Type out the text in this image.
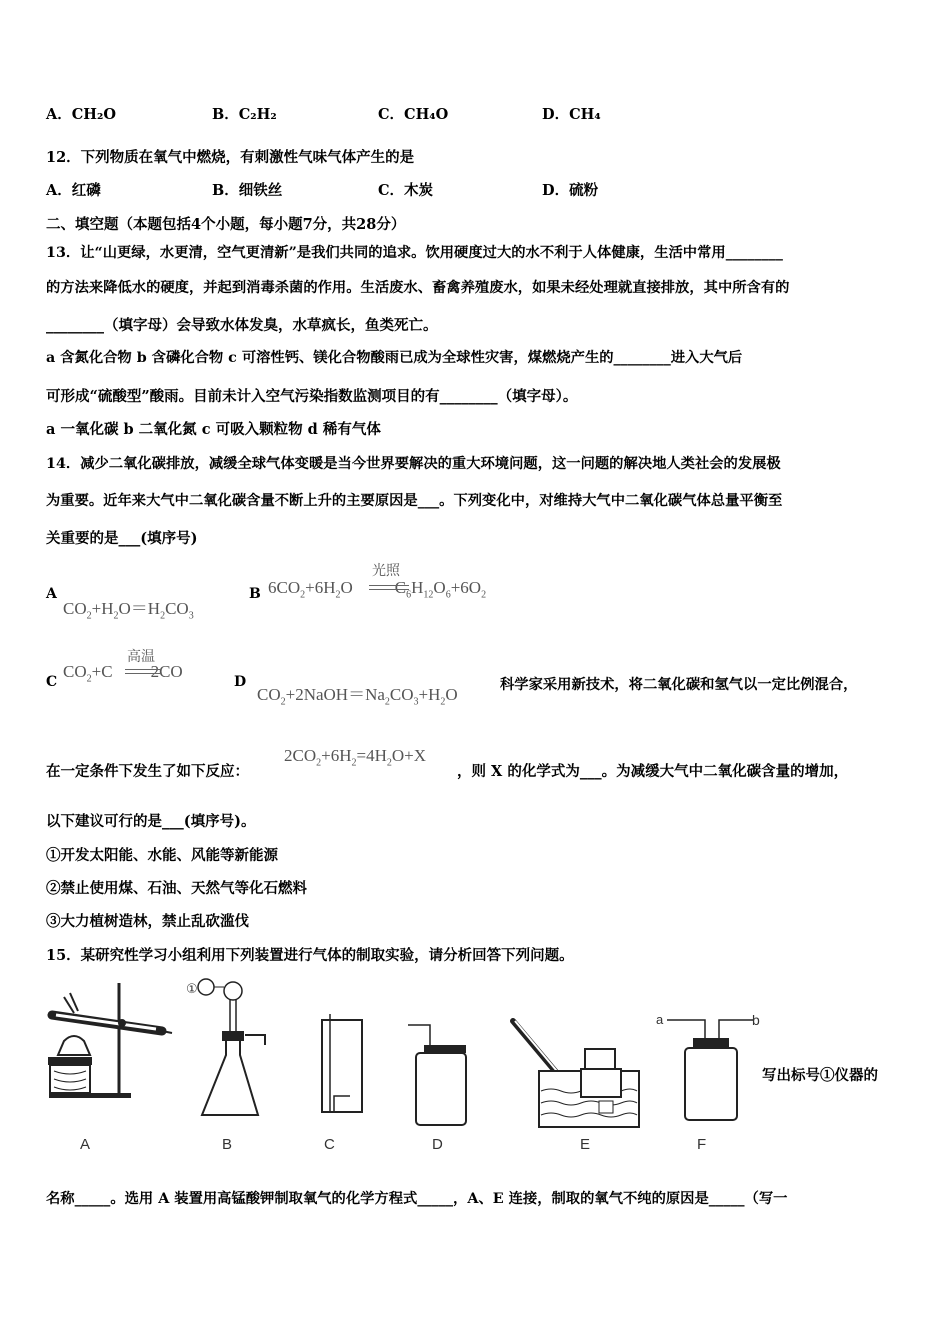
A．CH₂O	B．C₂H₂	C．CH₄O	D．CH₄
12．下列物质在氧气中燃烧，有刺激性气味气体产生的是
A．红磷	B．细铁丝	C．木炭	D．硫粉
二、填空题（本题包括4个小题，每小题7分，共28分）
13．让“山更绿，水更清，空气更清新”是我们共同的追求。饮用硬度过大的水不利于人体健康，生活中常用________
的方法来降低水的硬度，并起到消毒杀菌的作用。生活废水、畜禽养殖废水，如果未经处理就直接排放，其中所含有的
________（填字母）会导致水体发臭，水草疯长，鱼类死亡。
a 含氮化合物 b 含磷化合物 c 可溶性钙、镁化合物酸雨已成为全球性灾害，煤燃烧产生的________进入大气后
可形成“硫酸型”酸雨。目前未计入空气污染指数监测项目的有________（填字母）。
a 一氧化碳 b 二氧化氮 c 可吸入颗粒物 d 稀有气体
14．减少二氧化碳排放，减缓全球气体变暖是当今世界要解决的重大环境问题，这一问题的解决地人类社会的发展极
为重要。近年来大气中二氧化碳含量不断上升的主要原因是___。下列变化中，对维持大气中二氧化碳气体总量平衡至
关重要的是___(填序号)
A
$CO_2+H_2O=H_2CO_3$
B $6CO_2+6H_2O$ $C_6H_{12}O_6+6O_2$
光照
C
$CO_2+C$ 2CO
高温
D
$CO_2+2NaOH=Na_2CO_3+H_2O$	科学家采用新技术，将二氧化碳和氢气以一定比例混合，
在一定条件下发生了如下反应：
$2CO_2+6H_2=4H_2O+X$
，则 X 的化学式为___。为减缓大气中二氧化碳含量的增加，
以下建议可行的是___(填序号)。
①开发太阳能、水能、风能等新能源
②禁止使用煤、石油、天然气等化石燃料
③大力植树造林，禁止乱砍滥伐
15．某研究性学习小组利用下列装置进行气体的制取实验，请分析回答下列问题。
A	B	C	D	E	F
①
a	b
写出标号①仪器的
名称_____。选用 A 装置用高锰酸钾制取氧气的化学方程式_____，A、E 连接，制取的氧气不纯的原因是_____（写一
